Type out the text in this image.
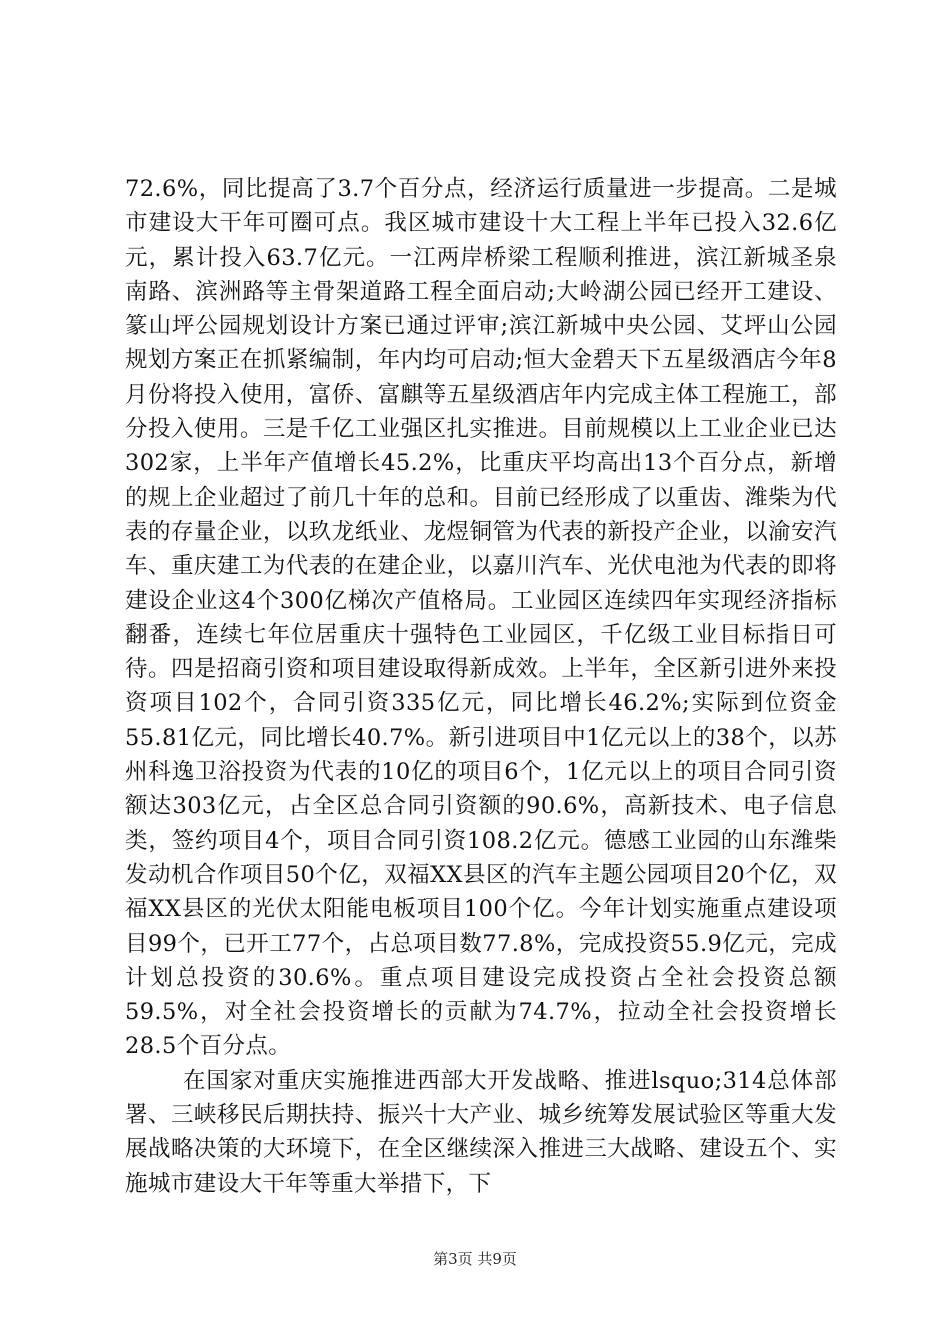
72.6%，同比提高了3.7个百分点，经济运行质量进一步提高。二是城市建设大干年可圈可点。我区城市建设十大工程上半年已投入32.6亿元，累计投入63.7亿元。一江两岸桥梁工程顺利推进，滨江新城圣泉南路、滨洲路等主骨架道路工程全面启动;大岭湖公园已经开工建设、篆山坪公园规划设计方案已通过评审;滨江新城中央公园、艾坪山公园规划方案正在抓紧编制，年内均可启动;恒大金碧天下五星级酒店今年8月份将投入使用，富侨、富麒等五星级酒店年内完成主体工程施工，部分投入使用。三是千亿工业强区扎实推进。目前规模以上工业企业已达302家，上半年产值增长45.2%，比重庆平均高出13个百分点，新增的规上企业超过了前几十年的总和。目前已经形成了以重齿、潍柴为代表的存量企业，以玖龙纸业、龙煜铜管为代表的新投产企业，以渝安汽车、重庆建工为代表的在建企业，以嘉川汽车、光伏电池为代表的即将建设企业这4个300亿梯次产值格局。工业园区连续四年实现经济指标翻番，连续七年位居重庆十强特色工业园区，千亿级工业目标指日可待。四是招商引资和项目建设取得新成效。上半年，全区新引进外来投资项目102个，合同引资335亿元，同比增长46.2%;实际到位资金55.81亿元，同比增长40.7%。新引进项目中1亿元以上的38个，以苏州科逸卫浴投资为代表的10亿的项目6个，1亿元以上的项目合同引资额达303亿元，占全区总合同引资额的90.6%，高新技术、电子信息类，签约项目4个，项目合同引资108.2亿元。德感工业园的山东潍柴发动机合作项目50个亿，双福XX县区的汽车主题公园项目20个亿，双福XX县区的光伏太阳能电板项目100个亿。今年计划实施重点建设项目99个，已开工77个，占总项目数77.8%，完成投资55.9亿元，完成计划总投资的30.6%。重点项目建设完成投资占全社会投资总额59.5%，对全社会投资增长的贡献为74.7%，拉动全社会投资增长28.5个百分点。

在国家对重庆实施推进西部大开发战略、推进lsquo;314总体部署、三峡移民后期扶持、振兴十大产业、城乡统筹发展试验区等重大发展战略决策的大环境下，在全区继续深入推进三大战略、建设五个、实施城市建设大干年等重大举措下，下

第3页 共9页
